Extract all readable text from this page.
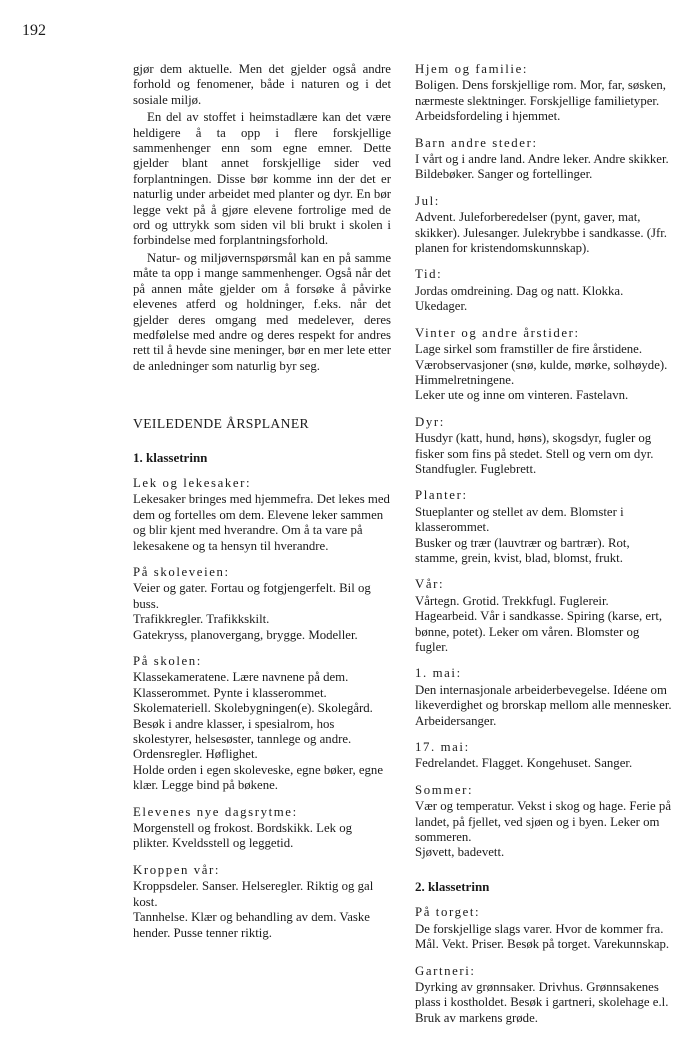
192

gjør dem aktuelle. Men det gjelder også andre forhold og fenomener, både i naturen og i det sosiale miljø.

En del av stoffet i heimstadlære kan det være heldigere å ta opp i flere forskjellige sammenhenger enn som egne emner. Dette gjelder blant annet forskjellige sider ved forplantningen. Disse bør komme inn der det er naturlig under arbeidet med planter og dyr. En bør legge vekt på å gjøre elevene fortrolige med de ord og uttrykk som siden vil bli brukt i skolen i forbindelse med forplantningsforhold.

Natur- og miljøvernspørsmål kan en på samme måte ta opp i mange sammenhenger. Også når det på annen måte gjelder om å forsøke å påvirke elevenes atferd og holdninger, f.eks. når det gjelder deres omgang med medelever, deres medfølelse med andre og deres respekt for andres rett til å hevde sine meninger, bør en mer lete etter de anledninger som naturlig byr seg.

VEILEDENDE ÅRSPLANER

1. klassetrinn

Lek og lekesaker:

Lekesaker bringes med hjemmefra. Det lekes med dem og fortelles om dem. Elevene leker sammen og blir kjent med hverandre. Om å ta vare på lekesakene og ta hensyn til hverandre.

På skoleveien:

Veier og gater. Fortau og fotgjengerfelt. Bil og buss.

Trafikkregler. Trafikkskilt.

Gatekryss, planovergang, brygge. Modeller.

På skolen:

Klassekameratene. Lære navnene på dem. Klasserommet. Pynte i klasserommet. Skolemateriell. Skolebygningen(e). Skolegård. Besøk i andre klasser, i spesialrom, hos skolestyrer, helsesøster, tannlege og andre. Ordensregler. Høflighet.

Holde orden i egen skoleveske, egne bøker, egne klær. Legge bind på bøkene.

Elevenes nye dagsrytme:

Morgenstell og frokost. Bordskikk. Lek og plikter. Kveldsstell og leggetid.

Kroppen vår:

Kroppsdeler. Sanser. Helseregler. Riktig og gal kost.

Tannhelse. Klær og behandling av dem. Vaske hender. Pusse tenner riktig.

Hjem og familie:

Boligen. Dens forskjellige rom. Mor, far, søsken, nærmeste slektninger. Forskjellige familietyper. Arbeidsfordeling i hjemmet.

Barn andre steder:

I vårt og i andre land. Andre leker. Andre skikker. Bildebøker. Sanger og fortellinger.

Jul:

Advent. Juleforberedelser (pynt, gaver, mat, skikker). Julesanger. Julekrybbe i sandkasse. (Jfr. planen for kristendomskunnskap).

Tid:

Jordas omdreining. Dag og natt. Klokka. Ukedager.

Vinter og andre årstider:

Lage sirkel som framstiller de fire årstidene. Værobservasjoner (snø, kulde, mørke, solhøyde). Himmelretningene.

Leker ute og inne om vinteren. Fastelavn.

Dyr:

Husdyr (katt, hund, høns), skogsdyr, fugler og fisker som fins på stedet. Stell og vern om dyr. Standfugler. Fuglebrett.

Planter:

Stueplanter og stellet av dem. Blomster i klasserommet.

Busker og trær (lauvtrær og bartrær). Rot, stamme, grein, kvist, blad, blomst, frukt.

Vår:

Vårtegn. Grotid. Trekkfugl. Fuglereir. Hagearbeid. Vår i sandkasse. Spiring (karse, ert, bønne, potet). Leker om våren. Blomster og fugler.

1. mai:

Den internasjonale arbeiderbevegelse. Idéene om likeverdighet og brorskap mellom alle mennesker. Arbeidersanger.

17. mai:

Fedrelandet. Flagget. Kongehuset. Sanger.

Sommer:

Vær og temperatur. Vekst i skog og hage. Ferie på landet, på fjellet, ved sjøen og i byen. Leker om sommeren.

Sjøvett, badevett.

2. klassetrinn

På torget:

De forskjellige slags varer. Hvor de kommer fra. Mål. Vekt. Priser. Besøk på torget. Varekunnskap.

Gartneri:

Dyrking av grønnsaker. Drivhus. Grønnsakenes plass i kostholdet. Besøk i gartneri, skolehage e.l. Bruk av markens grøde.
